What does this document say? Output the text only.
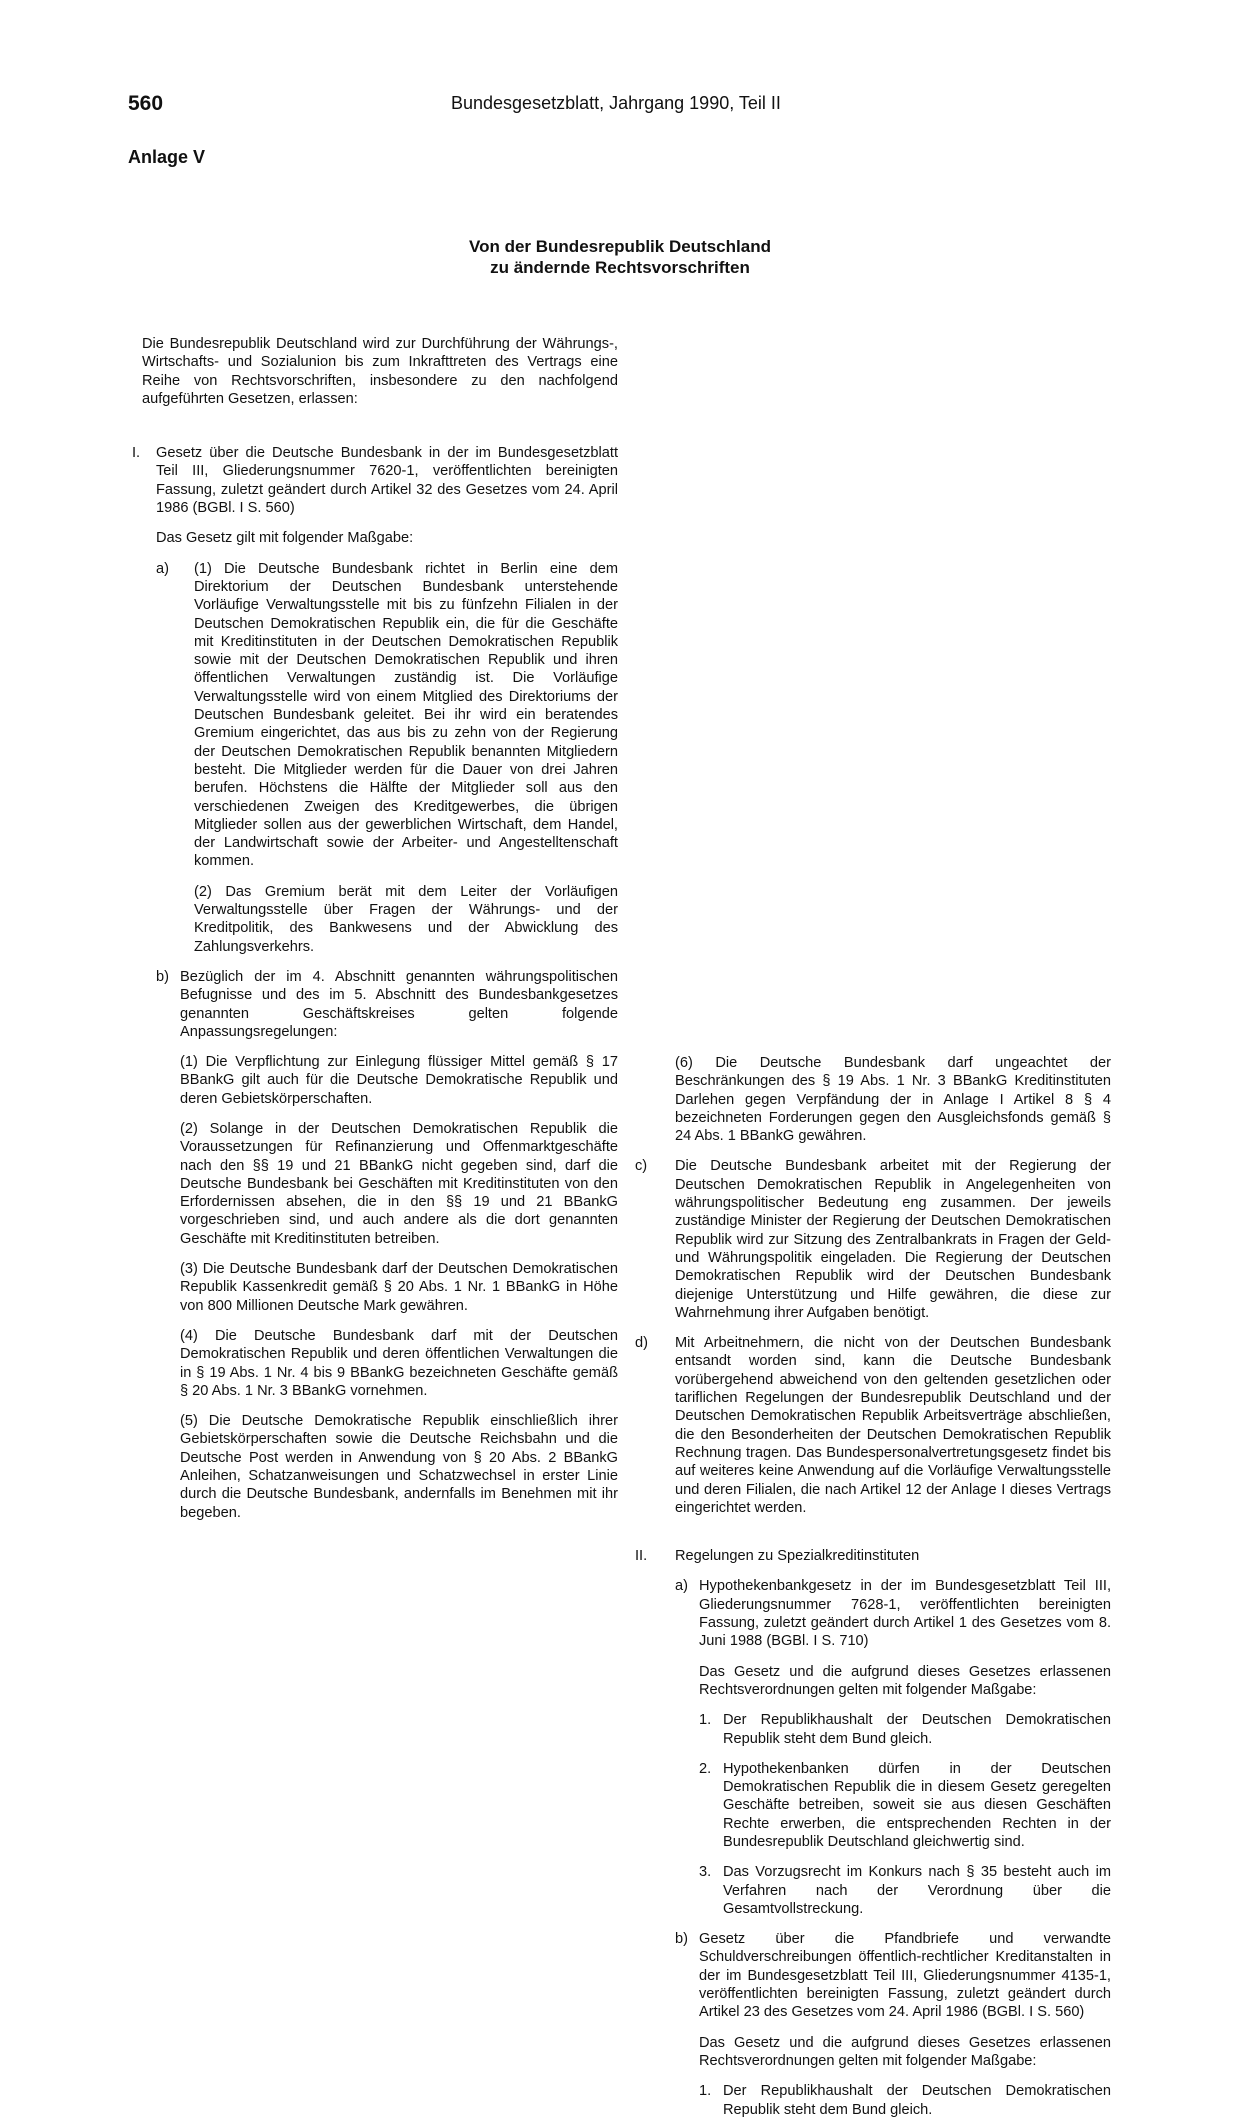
560	Bundesgesetzblatt, Jahrgang 1990, Teil II
Anlage V
Von der Bundesrepublik Deutschland
zu ändernde Rechtsvorschriften

Die Bundesrepublik Deutschland wird zur Durchführung der Währungs-, Wirtschafts- und Sozialunion bis zum Inkrafttreten des Vertrags eine Reihe von Rechtsvorschriften, insbesondere zu den nachfolgend aufgeführten Gesetzen, erlassen:

I.	Gesetz über die Deutsche Bundesbank in der im Bundesgesetzblatt Teil III, Gliederungsnummer 7620-1, veröffentlichten bereinigten Fassung, zuletzt geändert durch Artikel 32 des Gesetzes vom 24. April 1986 (BGBl. I S. 560)

Das Gesetz gilt mit folgender Maßgabe:

a)	(1) Die Deutsche Bundesbank richtet in Berlin eine dem Direktorium der Deutschen Bundesbank unterstehende Vorläufige Verwaltungsstelle mit bis zu fünfzehn Filialen in der Deutschen Demokratischen Republik ein, die für die Geschäfte mit Kreditinstituten in der Deutschen Demokratischen Republik sowie mit der Deutschen Demokratischen Republik und ihren öffentlichen Verwaltungen zuständig ist. Die Vorläufige Verwaltungsstelle wird von einem Mitglied des Direktoriums der Deutschen Bundesbank geleitet. Bei ihr wird ein beratendes Gremium eingerichtet, das aus bis zu zehn von der Regierung der Deutschen Demokratischen Republik benannten Mitgliedern besteht. Die Mitglieder werden für die Dauer von drei Jahren berufen. Höchstens die Hälfte der Mitglieder soll aus den verschiedenen Zweigen des Kreditgewerbes, die übrigen Mitglieder sollen aus der gewerblichen Wirtschaft, dem Handel, der Landwirtschaft sowie der Arbeiter- und Angestelltenschaft kommen.

(2) Das Gremium berät mit dem Leiter der Vorläufigen Verwaltungsstelle über Fragen der Währungs- und der Kreditpolitik, des Bankwesens und der Abwicklung des Zahlungsverkehrs.

b) Bezüglich der im 4. Abschnitt genannten währungspolitischen Befugnisse und des im 5. Abschnitt des Bundesbankgesetzes genannten Geschäftskreises gelten folgende Anpassungsregelungen:

(1) Die Verpflichtung zur Einlegung flüssiger Mittel gemäß § 17 BBankG gilt auch für die Deutsche Demokratische Republik und deren Gebietskörperschaften.

(2) Solange in der Deutschen Demokratischen Republik die Voraussetzungen für Refinanzierung und Offenmarktgeschäfte nach den §§ 19 und 21 BBankG nicht gegeben sind, darf die Deutsche Bundesbank bei Geschäften mit Kreditinstituten von den Erfordernissen absehen, die in den §§ 19 und 21 BBankG vorgeschrieben sind, und auch andere als die dort genannten Geschäfte mit Kreditinstituten betreiben.

(3) Die Deutsche Bundesbank darf der Deutschen Demokratischen Republik Kassenkredit gemäß § 20 Abs. 1 Nr. 1 BBankG in Höhe von 800 Millionen Deutsche Mark gewähren.

(4) Die Deutsche Bundesbank darf mit der Deutschen Demokratischen Republik und deren öffentlichen Verwaltungen die in § 19 Abs. 1 Nr. 4 bis 9 BBankG bezeichneten Geschäfte gemäß § 20 Abs. 1 Nr. 3 BBankG vornehmen.

(5) Die Deutsche Demokratische Republik einschließlich ihrer Gebietskörperschaften sowie die Deutsche Reichsbahn und die Deutsche Post werden in Anwendung von § 20 Abs. 2 BBankG Anleihen, Schatzanweisungen und Schatzwechsel in erster Linie durch die Deutsche Bundesbank, andernfalls im Benehmen mit ihr begeben.

(6) Die Deutsche Bundesbank darf ungeachtet der Beschränkungen des § 19 Abs. 1 Nr. 3 BBankG Kreditinstituten Darlehen gegen Verpfändung der in Anlage I Artikel 8 § 4 bezeichneten Forderungen gegen den Ausgleichsfonds gemäß § 24 Abs. 1 BBankG gewähren.

c)	Die Deutsche Bundesbank arbeitet mit der Regierung der Deutschen Demokratischen Republik in Angelegenheiten von währungspolitischer Bedeutung eng zusammen. Der jeweils zuständige Minister der Regierung der Deutschen Demokratischen Republik wird zur Sitzung des Zentralbankrats in Fragen der Geld- und Währungspolitik eingeladen. Die Regierung der Deutschen Demokratischen Republik wird der Deutschen Bundesbank diejenige Unterstützung und Hilfe gewähren, die diese zur Wahrnehmung ihrer Aufgaben benötigt.

d)	Mit Arbeitnehmern, die nicht von der Deutschen Bundesbank entsandt worden sind, kann die Deutsche Bundesbank vorübergehend abweichend von den geltenden gesetzlichen oder tariflichen Regelungen der Bundesrepublik Deutschland und der Deutschen Demokratischen Republik Arbeitsverträge abschließen, die den Besonderheiten der Deutschen Demokratischen Republik Rechnung tragen. Das Bundespersonalvertretungsgesetz findet bis auf weiteres keine Anwendung auf die Vorläufige Verwaltungsstelle und deren Filialen, die nach Artikel 12 der Anlage I dieses Vertrags eingerichtet werden.

II.	Regelungen zu Spezialkreditinstituten

a) Hypothekenbankgesetz in der im Bundesgesetzblatt Teil III, Gliederungsnummer 7628-1, veröffentlichten bereinigten Fassung, zuletzt geändert durch Artikel 1 des Gesetzes vom 8. Juni 1988 (BGBl. I S. 710)

Das Gesetz und die aufgrund dieses Gesetzes erlassenen Rechtsverordnungen gelten mit folgender Maßgabe:

1. Der Republikhaushalt der Deutschen Demokratischen Republik steht dem Bund gleich.

2. Hypothekenbanken dürfen in der Deutschen Demokratischen Republik die in diesem Gesetz geregelten Geschäfte betreiben, soweit sie aus diesen Geschäften Rechte erwerben, die entsprechenden Rechten in der Bundesrepublik Deutschland gleichwertig sind.

3. Das Vorzugsrecht im Konkurs nach § 35 besteht auch im Verfahren nach der Verordnung über die Gesamtvollstreckung.

b) Gesetz über die Pfandbriefe und verwandte Schuldverschreibungen öffentlich-rechtlicher Kreditanstalten in der im Bundesgesetzblatt Teil III, Gliederungsnummer 4135-1, veröffentlichten bereinigten Fassung, zuletzt geändert durch Artikel 23 des Gesetzes vom 24. April 1986 (BGBl. I S. 560)

Das Gesetz und die aufgrund dieses Gesetzes erlassenen Rechtsverordnungen gelten mit folgender Maßgabe:

1. Der Republikhaushalt der Deutschen Demokratischen Republik steht dem Bund gleich.
